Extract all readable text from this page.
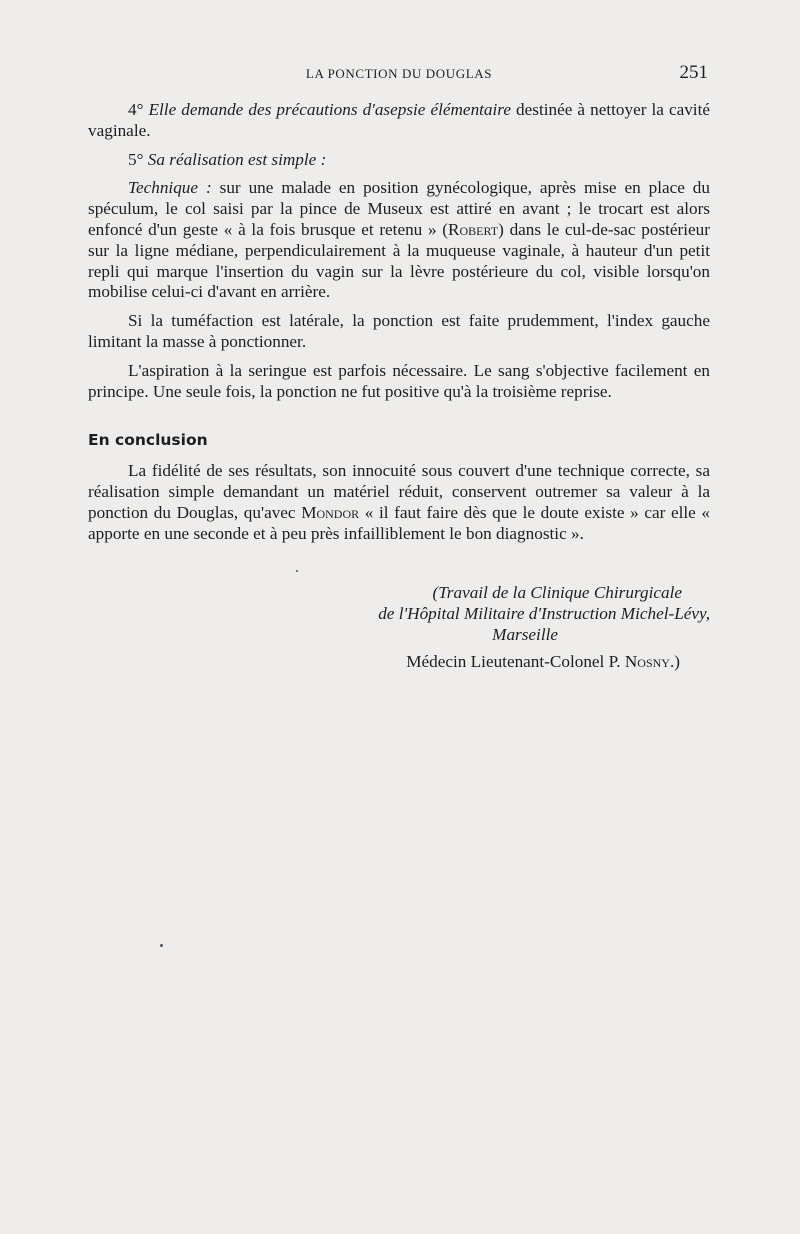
LA PONCTION DU DOUGLAS	251

4° Elle demande des précautions d'asepsie élémentaire destinée à nettoyer la cavité vaginale.

5° Sa réalisation est simple :

Technique : sur une malade en position gynécologique, après mise en place du spéculum, le col saisi par la pince de Museux est attiré en avant ; le trocart est alors enfoncé d'un geste « à la fois brusque et retenu » (Robert) dans le cul-de-sac postérieur sur la ligne médiane, perpendiculairement à la muqueuse vaginale, à hauteur d'un petit repli qui marque l'insertion du vagin sur la lèvre postérieure du col, visible lorsqu'on mobilise celui-ci d'avant en arrière.

Si la tuméfaction est latérale, la ponction est faite prudemment, l'index gauche limitant la masse à ponctionner.

L'aspiration à la seringue est parfois nécessaire. Le sang s'objective facilement en principe. Une seule fois, la ponction ne fut positive qu'à la troisième reprise.

En conclusion

La fidélité de ses résultats, son innocuité sous couvert d'une technique correcte, sa réalisation simple demandant un matériel réduit, conservent outremer sa valeur à la ponction du Douglas, qu'avec Mondor « il faut faire dès que le doute existe » car elle « apporte en une seconde et à peu près infailliblement le bon diagnostic ».

(Travail de la Clinique Chirurgicale
de l'Hôpital Militaire d'Instruction Michel-Lévy,
Marseille
Médecin Lieutenant-Colonel P. Nosny.)
